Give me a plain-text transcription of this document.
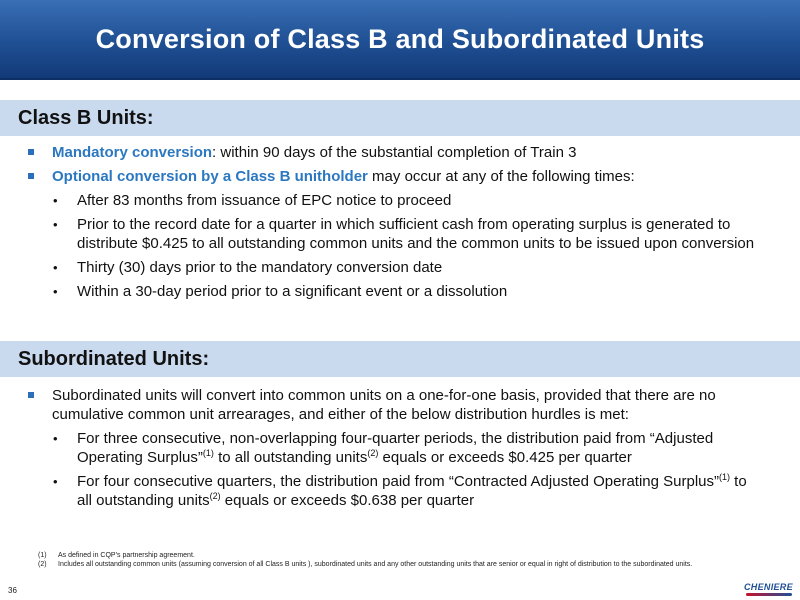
Conversion of Class B and Subordinated Units
Class B Units:
Mandatory conversion: within 90 days of the substantial completion of Train 3
Optional conversion by a Class B unitholder may occur at any of the following times:
• After 83 months from issuance of EPC notice to proceed
• Prior to the record date for a quarter in which sufficient cash from operating surplus is generated to distribute $0.425 to all outstanding common units and the common units to be issued upon conversion
• Thirty (30) days prior to the mandatory conversion date
• Within a 30-day period prior to a significant event or a dissolution
Subordinated Units:
Subordinated units will convert into common units on a one-for-one basis, provided that there are no cumulative common unit arrearages, and either of the below distribution hurdles is met:
• For three consecutive, non-overlapping four-quarter periods, the distribution paid from “Adjusted Operating Surplus”$^{(1)}$ to all outstanding units$^{(2)}$ equals or exceeds $0.425 per quarter
• For four consecutive quarters, the distribution paid from “Contracted Adjusted Operating Surplus”$^{(1)}$ to all outstanding units$^{(2)}$ equals or exceeds $0.638 per quarter
(1) As defined in CQP’s partnership agreement.
(2) Includes all outstanding common units (assuming conversion of all Class B units ), subordinated units and any other outstanding units that are senior or equal in right of distribution to the subordinated units.
36	CHENIERE
